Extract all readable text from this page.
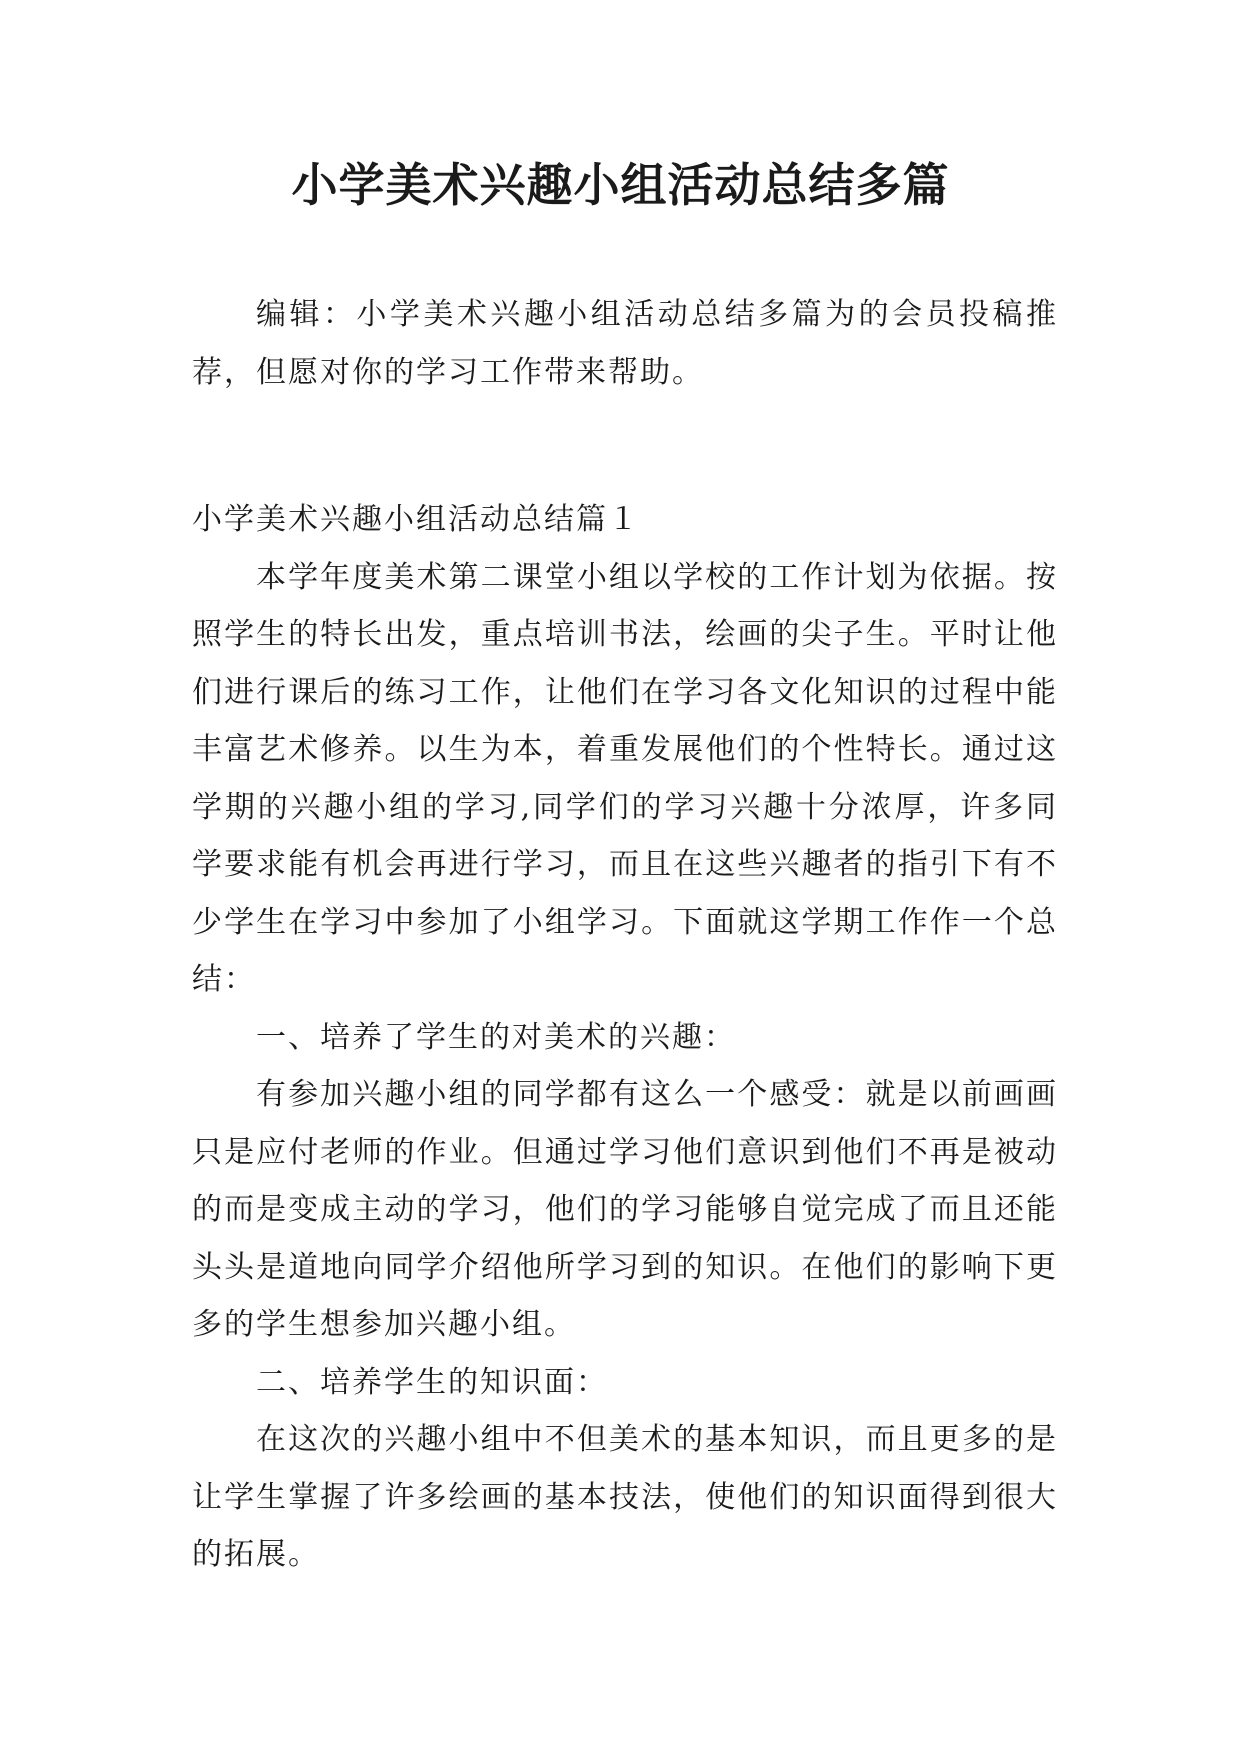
小学美术兴趣小组活动总结多篇

编辑：小学美术兴趣小组活动总结多篇为的会员投稿推荐，但愿对你的学习工作带来帮助。

小学美术兴趣小组活动总结篇１

本学年度美术第二课堂小组以学校的工作计划为依据。按照学生的特长出发，重点培训书法，绘画的尖子生。平时让他们进行课后的练习工作，让他们在学习各文化知识的过程中能丰富艺术修养。以生为本，着重发展他们的个性特长。通过这学期的兴趣小组的学习,同学们的学习兴趣十分浓厚，许多同学要求能有机会再进行学习，而且在这些兴趣者的指引下有不少学生在学习中参加了小组学习。下面就这学期工作作一个总结：

一、培养了学生的对美术的兴趣：

有参加兴趣小组的同学都有这么一个感受：就是以前画画只是应付老师的作业。但通过学习他们意识到他们不再是被动的而是变成主动的学习，他们的学习能够自觉完成了而且还能头头是道地向同学介绍他所学习到的知识。在他们的影响下更多的学生想参加兴趣小组。

二、培养学生的知识面：

在这次的兴趣小组中不但美术的基本知识，而且更多的是让学生掌握了许多绘画的基本技法，使他们的知识面得到很大的拓展。
